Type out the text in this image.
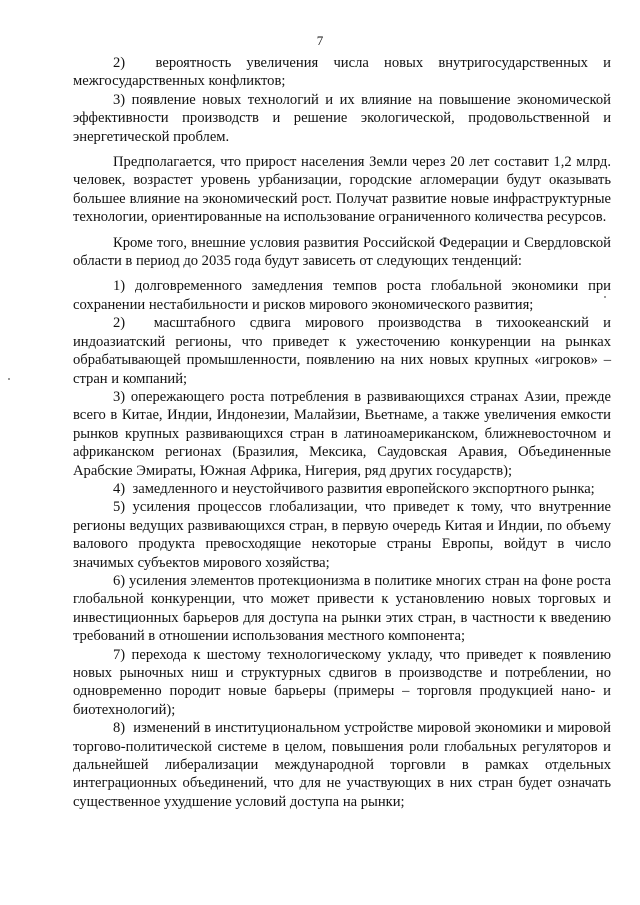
7

2)  вероятность увеличения числа новых внутригосударственных и межгосударственных конфликтов;

3) появление новых технологий и их влияние на повышение экономической эффективности производств и решение экологической, продовольственной и энергетической проблем.

Предполагается, что прирост населения Земли через 20 лет составит 1,2 млрд. человек, возрастет уровень урбанизации, городские агломерации будут оказывать большее влияние на экономический рост. Получат развитие новые инфраструктурные технологии, ориентированные на использование ограниченного количества ресурсов.

Кроме того, внешние условия развития Российской Федерации и Свердловской области в период до 2035 года будут зависеть от следующих тенденций:

1) долговременного замедления темпов роста глобальной экономики при сохранении нестабильности и рисков мирового экономического развития;

2)  масштабного сдвига мирового производства в тихоокеанский и индоазиатский регионы, что приведет к ужесточению конкуренции на рынках обрабатывающей промышленности, появлению на них новых крупных «игроков» – стран и компаний;

3) опережающего роста потребления в развивающихся странах Азии, прежде всего в Китае, Индии, Индонезии, Малайзии, Вьетнаме, а также увеличения емкости рынков крупных развивающихся стран в латиноамериканском, ближневосточном и африканском регионах (Бразилия, Мексика, Саудовская Аравия, Объединенные Арабские Эмираты, Южная Африка, Нигерия, ряд других государств);

4)  замедленного и неустойчивого развития европейского экспортного рынка;

5) усиления процессов глобализации, что приведет к тому, что внутренние регионы ведущих развивающихся стран, в первую очередь Китая и Индии, по объему валового продукта превосходящие некоторые страны Европы, войдут в число значимых субъектов мирового хозяйства;

6) усиления элементов протекционизма в политике многих стран на фоне роста глобальной конкуренции, что может привести к установлению новых торговых и инвестиционных барьеров для доступа на рынки этих стран, в частности к введению требований в отношении использования местного компонента;

7) перехода к шестому технологическому укладу, что приведет к появлению новых рыночных ниш и структурных сдвигов в производстве и потреблении, но одновременно породит новые барьеры (примеры – торговля продукцией нано- и биотехнологий);

8)  изменений в институциональном устройстве мировой экономики и мировой торгово-политической системе в целом, повышения роли глобальных регуляторов и дальнейшей либерализации международной торговли в рамках отдельных интеграционных объединений, что для не участвующих в них стран будет означать существенное ухудшение условий доступа на рынки;
